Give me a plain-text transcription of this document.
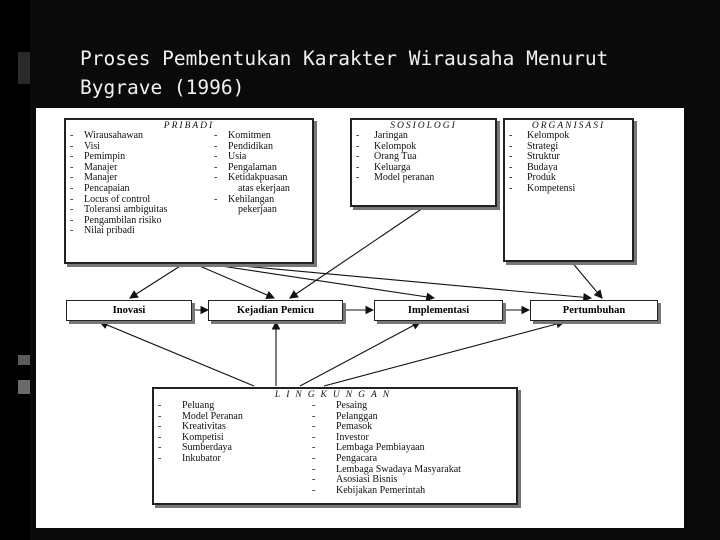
Proses Pembentukan Karakter Wirausaha Menurut
Bygrave (1996)
PRIBADI
-	Wirausahawan
-	Visi
-	Pemimpin
-	Manajer
-	Manajer
-	Pencapaian
-	Locus of control
-	Toleransi ambiguitas
-	Pengambilan risiko
-	Nilai pribadi
-	Komitmen
-	Pendidikan
-	Usia
-	Pengalaman
-	Ketidakpuasan
atas ekerjaan
-	Kehilangan
pekerjaan
SOSIOLOGI
-	Jaringan
-	Kelompok
-	Orang Tua
-	Keluarga
-	Model peranan
ORGANISASI
-	Kelompok
-	Strategi
-	Struktur
-	Budaya
-	Produk
-	Kompetensi
Inovasi	Kejadian Pemicu	Implementasi	Pertumbuhan
LINGKUNGAN
-	Peluang
-	Model Peranan
-	Kreativitas
-	Kompetisi
-	Sumberdaya
-	Inkubator
-	Pesaing
-	Pelanggan
-	Pemasok
-	Investor
-	Lembaga Pembiayaan
-	Pengacara
-	Lembaga Swadaya Masyarakat
-	Asosiasi Bisnis
-	Kebijakan Pemerintah
